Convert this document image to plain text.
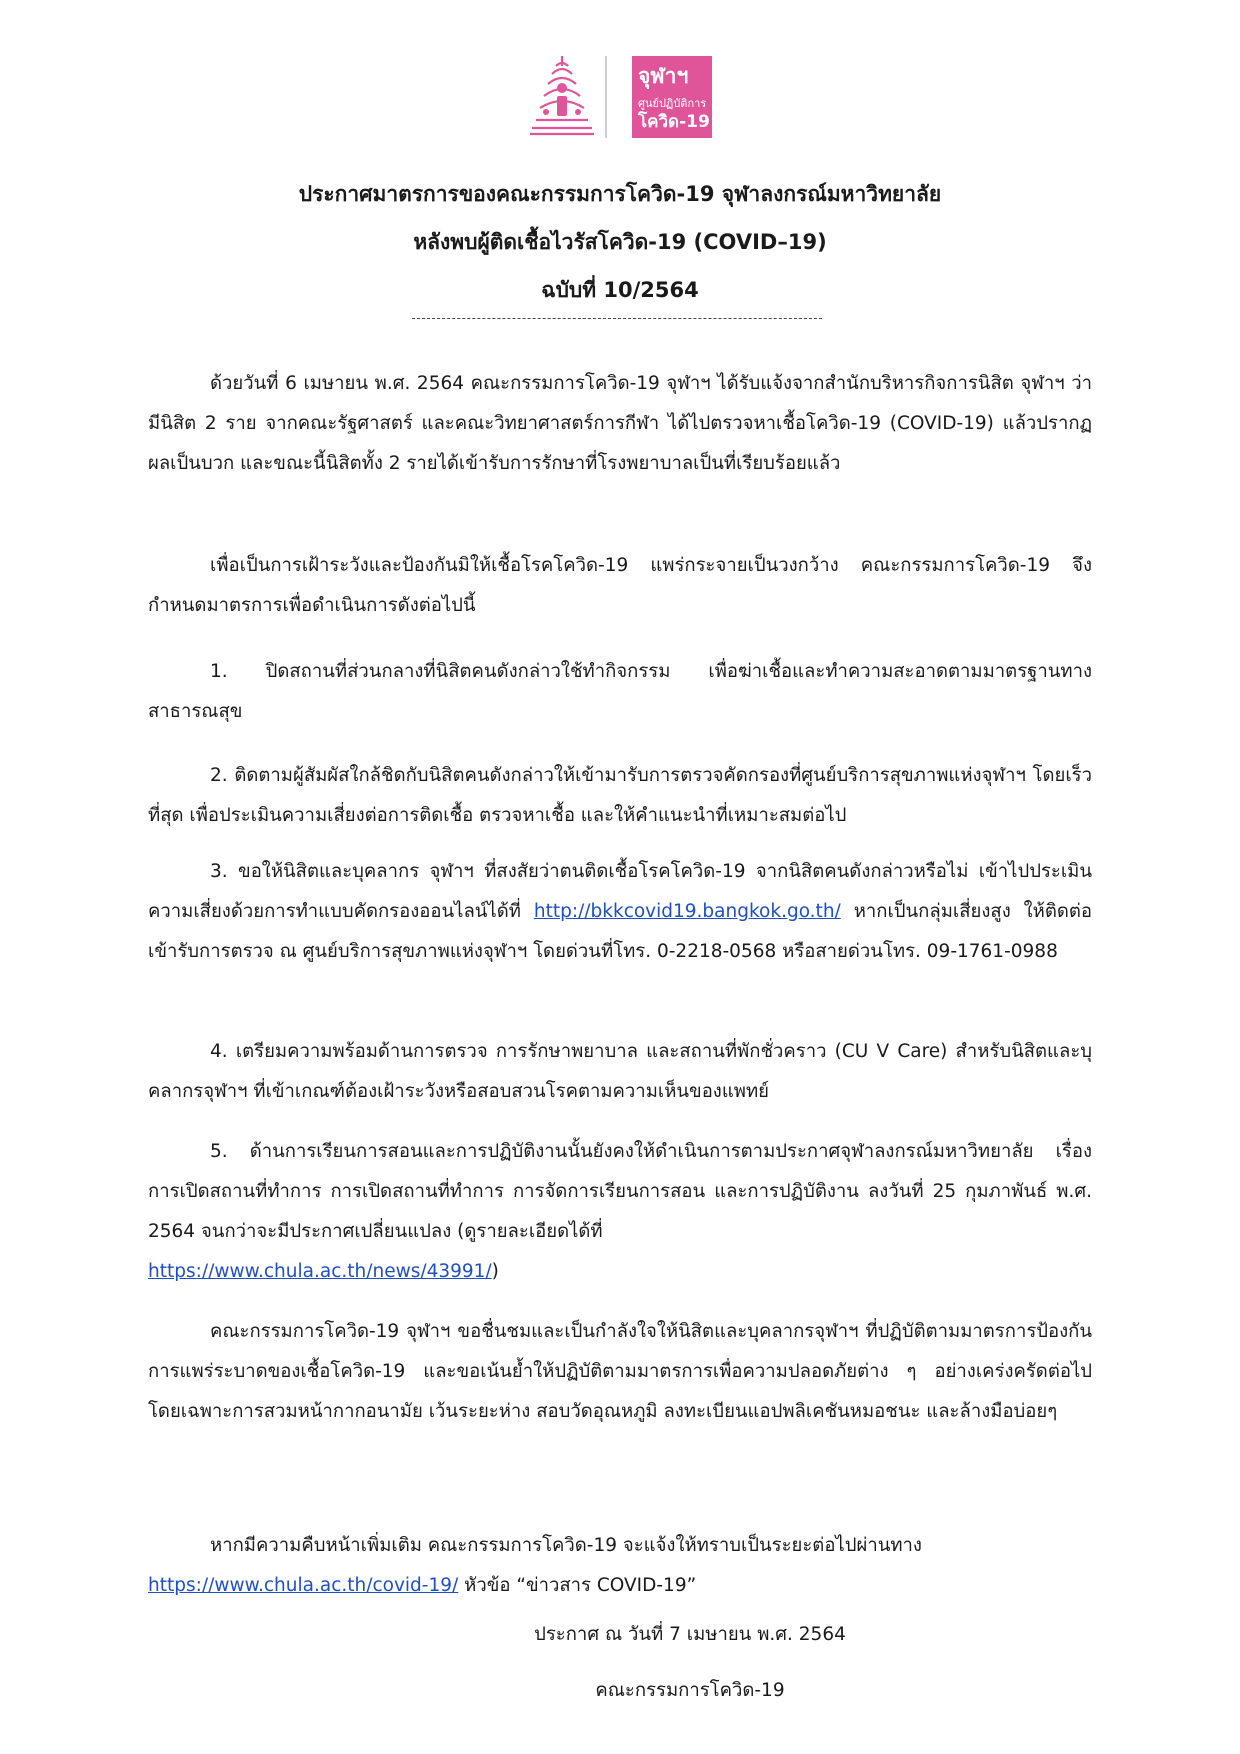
จุฬาฯ
ศูนย์ปฏิบัติการ
โควิด-19
ประกาศมาตรการของคณะกรรมการโควิด-19 จุฬาลงกรณ์มหาวิทยาลัย
หลังพบผู้ติดเชื้อไวรัสโควิด-19 (COVID–19)
ฉบับที่ 10/2564
ด้วยวันที่ 6 เมษายน พ.ศ. 2564 คณะกรรมการโควิด-19 จุฬาฯ ได้รับแจ้งจากสำนักบริหารกิจการนิสิต จุฬาฯ ว่ามีนิสิต 2 ราย จากคณะรัฐศาสตร์ และคณะวิทยาศาสตร์การกีฬา ได้ไปตรวจหาเชื้อโควิด-19 (COVID-19) แล้วปรากฏผลเป็นบวก และขณะนี้นิสิตทั้ง 2 รายได้เข้ารับการรักษาที่โรงพยาบาลเป็นที่เรียบร้อยแล้ว
เพื่อเป็นการเฝ้าระวังและป้องกันมิให้เชื้อโรคโควิด-19 แพร่กระจายเป็นวงกว้าง คณะกรรมการโควิด-19 จึงกำหนดมาตรการเพื่อดำเนินการดังต่อไปนี้
1. ปิดสถานที่ส่วนกลางที่นิสิตคนดังกล่าวใช้ทำกิจกรรม เพื่อฆ่าเชื้อและทำความสะอาดตามมาตรฐานทางสาธารณสุข
2. ติดตามผู้สัมผัสใกล้ชิดกับนิสิตคนดังกล่าวให้เข้ามารับการตรวจคัดกรองที่ศูนย์บริการสุขภาพแห่งจุฬาฯ โดยเร็วที่สุด เพื่อประเมินความเสี่ยงต่อการติดเชื้อ ตรวจหาเชื้อ และให้คำแนะนำที่เหมาะสมต่อไป
3. ขอให้นิสิตและบุคลากร จุฬาฯ ที่สงสัยว่าตนติดเชื้อโรคโควิด-19 จากนิสิตคนดังกล่าวหรือไม่ เข้าไปประเมินความเสี่ยงด้วยการทำแบบคัดกรองออนไลน์ได้ที่ http://bkkcovid19.bangkok.go.th/ หากเป็นกลุ่มเสี่ยงสูง ให้ติดต่อเข้ารับการตรวจ ณ ศูนย์บริการสุขภาพแห่งจุฬาฯ โดยด่วนที่โทร. 0-2218-0568 หรือสายด่วนโทร. 09-1761-0988
4. เตรียมความพร้อมด้านการตรวจ การรักษาพยาบาล และสถานที่พักชั่วคราว (CU V Care) สำหรับนิสิตและบุคลากรจุฬาฯ ที่เข้าเกณฑ์ต้องเฝ้าระวังหรือสอบสวนโรคตามความเห็นของแพทย์
5. ด้านการเรียนการสอนและการปฏิบัติงานนั้นยังคงให้ดำเนินการตามประกาศจุฬาลงกรณ์มหาวิทยาลัย เรื่อง การเปิดสถานที่ทำการ การเปิดสถานที่ทำการ การจัดการเรียนการสอน และการปฏิบัติงาน ลงวันที่ 25 กุมภาพันธ์ พ.ศ. 2564 จนกว่าจะมีประกาศเปลี่ยนแปลง (ดูรายละเอียดได้ที่
https://www.chula.ac.th/news/43991/)
คณะกรรมการโควิด-19 จุฬาฯ ขอชื่นชมและเป็นกำลังใจให้นิสิตและบุคลากรจุฬาฯ ที่ปฏิบัติตามมาตรการป้องกันการแพร่ระบาดของเชื้อโควิด-19 และขอเน้นย้ำให้ปฏิบัติตามมาตรการเพื่อความปลอดภัยต่าง ๆ อย่างเคร่งครัดต่อไป โดยเฉพาะการสวมหน้ากากอนามัย เว้นระยะห่าง สอบวัดอุณหภูมิ ลงทะเบียนแอปพลิเคชันหมอชนะ และล้างมือบ่อยๆ
หากมีความคืบหน้าเพิ่มเติม คณะกรรมการโควิด-19 จะแจ้งให้ทราบเป็นระยะต่อไปผ่านทาง
https://www.chula.ac.th/covid-19/ หัวข้อ “ข่าวสาร COVID-19”
ประกาศ ณ วันที่ 7 เมษายน พ.ศ. 2564
คณะกรรมการโควิด-19
